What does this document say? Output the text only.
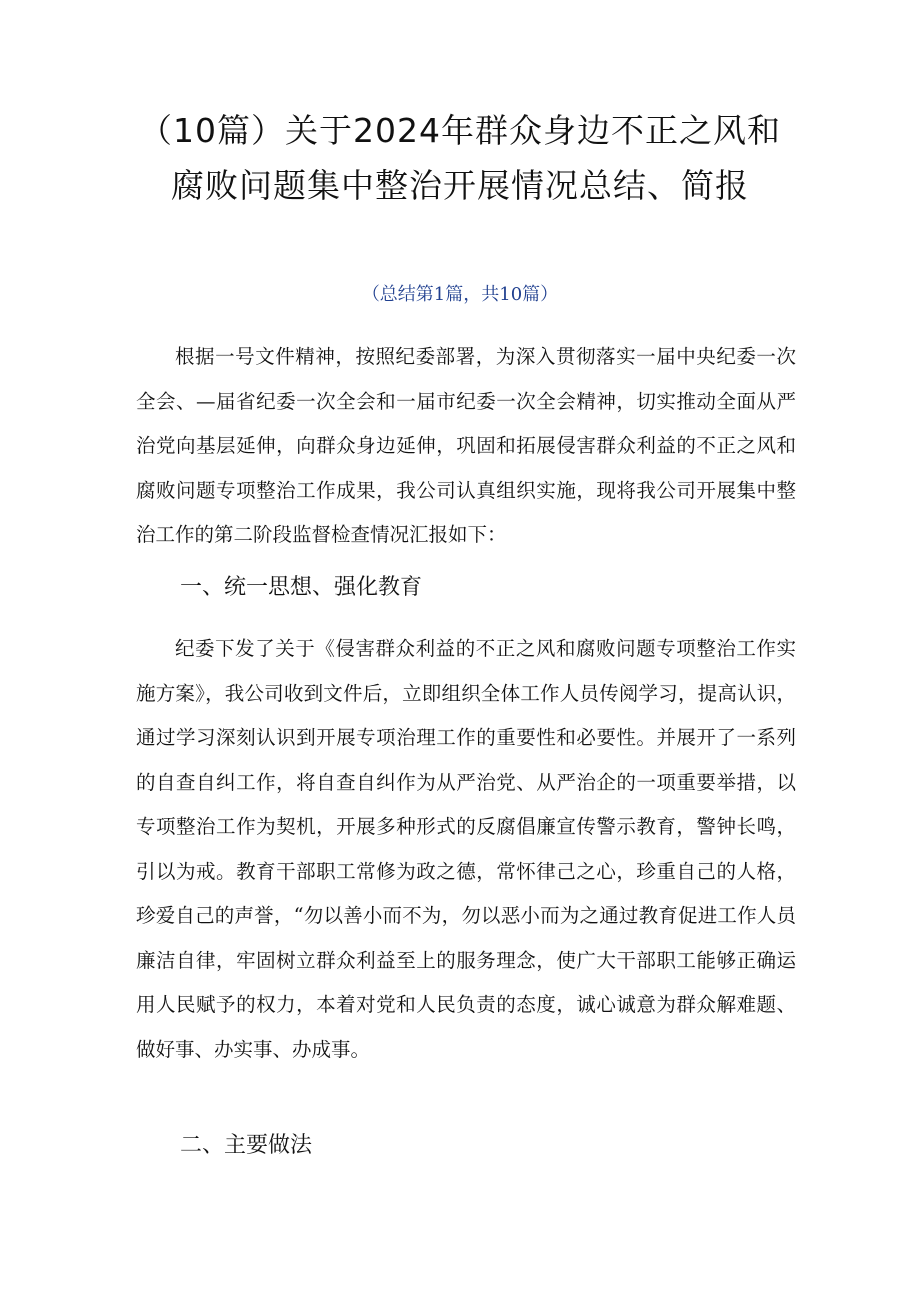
（10篇）关于2024年群众身边不正之风和
腐败问题集中整治开展情况总结、简报
（总结第1篇，共10篇）

根据一号文件精神，按照纪委部署，为深入贯彻落实一届中央纪委一次全会、—届省纪委一次全会和一届市纪委一次全会精神，切实推动全面从严治党向基层延伸，向群众身边延伸，巩固和拓展侵害群众利益的不正之风和腐败问题专项整治工作成果，我公司认真组织实施，现将我公司开展集中整治工作的第二阶段监督检查情况汇报如下：

一、统一思想、强化教育

纪委下发了关于《侵害群众利益的不正之风和腐败问题专项整治工作实施方案》，我公司收到文件后，立即组织全体工作人员传阅学习，提高认识，通过学习深刻认识到开展专项治理工作的重要性和必要性。并展开了一系列的自查自纠工作，将自查自纠作为从严治党、从严治企的一项重要举措，以专项整治工作为契机，开展多种形式的反腐倡廉宣传警示教育，警钟长鸣，引以为戒。教育干部职工常修为政之德，常怀律己之心，珍重自己的人格，珍爱自己的声誉，“勿以善小而不为，勿以恶小而为之通过教育促进工作人员廉洁自律，牢固树立群众利益至上的服务理念，使广大干部职工能够正确运用人民赋予的权力，本着对党和人民负责的态度，诚心诚意为群众解难题、做好事、办实事、办成事。

二、主要做法
